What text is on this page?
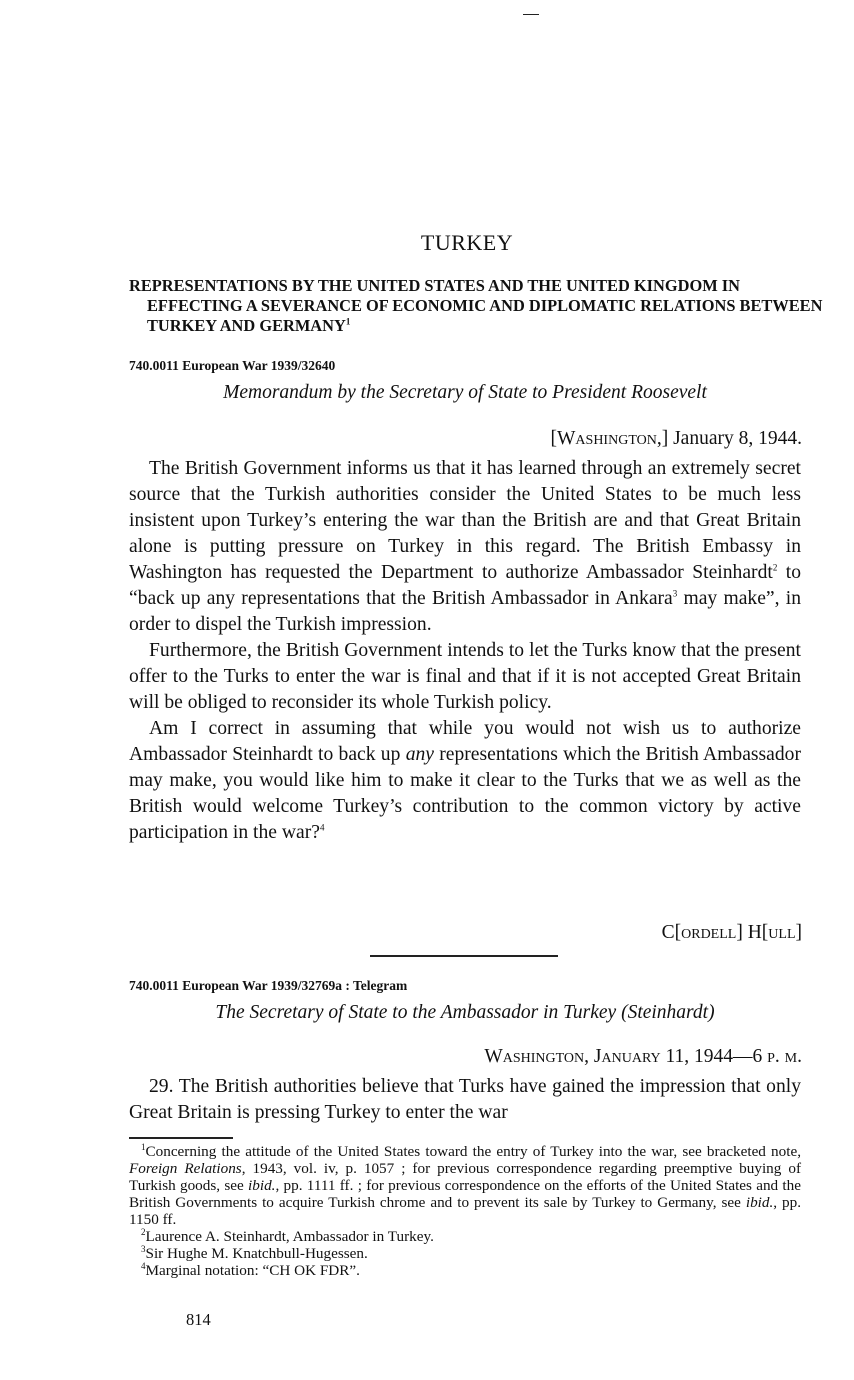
TURKEY
REPRESENTATIONS BY THE UNITED STATES AND THE UNITED KINGDOM IN EFFECTING A SEVERANCE OF ECONOMIC AND DIPLOMATIC RELATIONS BETWEEN TURKEY AND GERMANY$^1$
740.0011 European War 1939/32640
Memorandum by the Secretary of State to President Roosevelt
[Washington,] January 8, 1944.

The British Government informs us that it has learned through an extremely secret source that the Turkish authorities consider the United States to be much less insistent upon Turkey’s entering the war than the British are and that Great Britain alone is putting pressure on Turkey in this regard. The British Embassy in Washington has requested the Department to authorize Ambassador Steinhardt$^2$ to “back up any representations that the British Ambassador in Ankara$^3$ may make”, in order to dispel the Turkish impression.

Furthermore, the British Government intends to let the Turks know that the present offer to the Turks to enter the war is final and that if it is not accepted Great Britain will be obliged to reconsider its whole Turkish policy.

Am I correct in assuming that while you would not wish us to authorize Ambassador Steinhardt to back up any representations which the British Ambassador may make, you would like him to make it clear to the Turks that we as well as the British would welcome Turkey’s contribution to the common victory by active participation in the war?$^4$

C[ordell] H[ull]
740.0011 European War 1939/32769a : Telegram
The Secretary of State to the Ambassador in Turkey (Steinhardt)
Washington, January 11, 1944—6 p. m.

29. The British authorities believe that Turks have gained the impression that only Great Britain is pressing Turkey to enter the war

$^1$Concerning the attitude of the United States toward the entry of Turkey into the war, see bracketed note, Foreign Relations, 1943, vol. iv, p. 1057 ; for previous correspondence regarding preemptive buying of Turkish goods, see ibid., pp. 1111 ff. ; for previous correspondence on the efforts of the United States and the British Governments to acquire Turkish chrome and to prevent its sale by Turkey to Germany, see ibid., pp. 1150 ff.

$^2$Laurence A. Steinhardt, Ambassador in Turkey.

$^3$Sir Hughe M. Knatchbull-Hugessen.

$^4$Marginal notation: “CH OK FDR”.

814
